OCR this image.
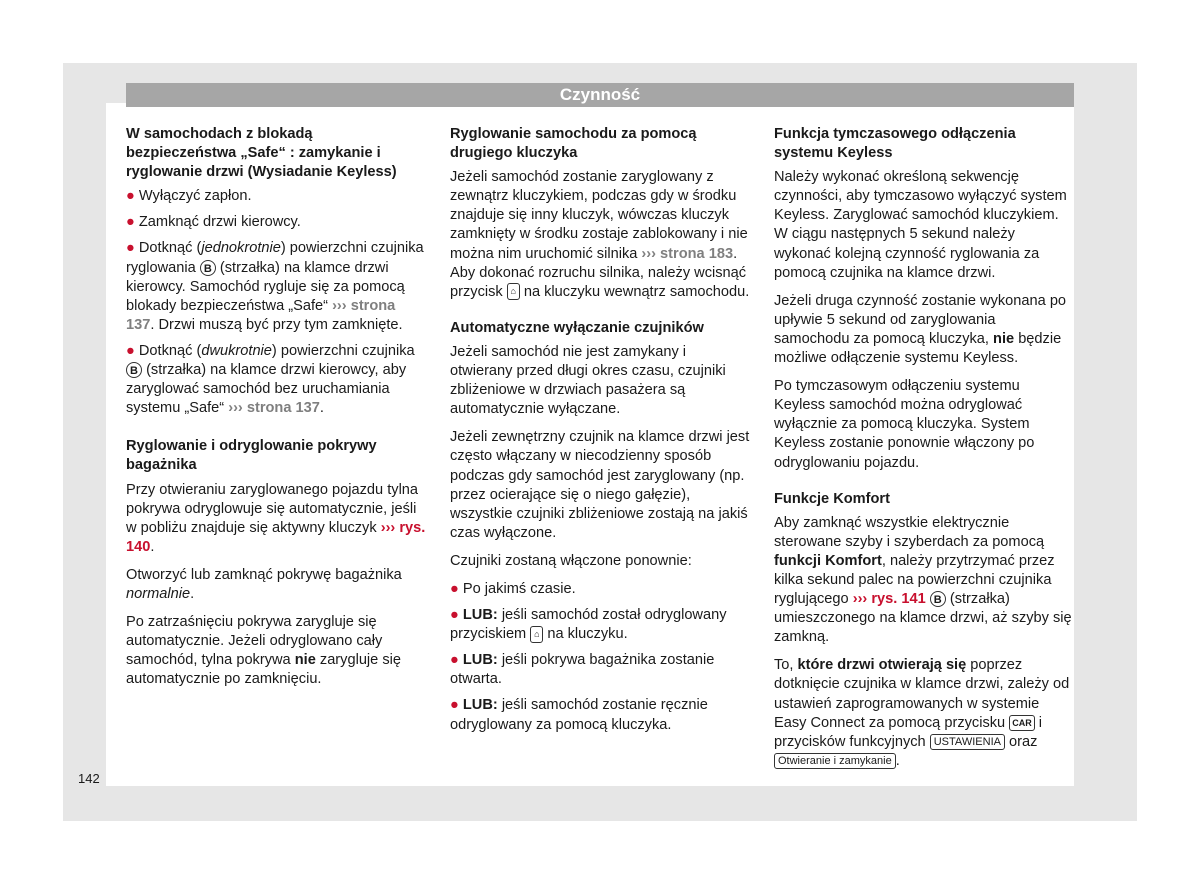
Czynność
W samochodach z blokadą bezpieczeństwa „Safe“ : zamykanie i ryglowanie drzwi (Wysiadanie Keyless)
● Wyłączyć zapłon.
● Zamknąć drzwi kierowcy.
● Dotknąć (jednokrotnie) powierzchni czujnika ryglowania B (strzałka) na klamce drzwi kierowcy. Samochód rygluje się za pomocą blokady bezpieczeństwa „Safe“ ››› strona 137. Drzwi muszą być przy tym zamknięte.
● Dotknąć (dwukrotnie) powierzchni czujnika B (strzałka) na klamce drzwi kierowcy, aby zaryglować samochód bez uruchamiania systemu „Safe“ ››› strona 137.
Ryglowanie i odryglowanie pokrywy bagażnika
Przy otwieraniu zaryglowanego pojazdu tylna pokrywa odryglowuje się automatycznie, jeśli w pobliżu znajduje się aktywny kluczyk ››› rys. 140.
Otworzyć lub zamknąć pokrywę bagażnika normalnie.
Po zatrzaśnięciu pokrywa zarygluje się automatycznie. Jeżeli odryglowano cały samochód, tylna pokrywa nie zarygluje się automatycznie po zamknięciu.
Ryglowanie samochodu za pomocą drugiego kluczyka
Jeżeli samochód zostanie zaryglowany z zewnątrz kluczykiem, podczas gdy w środku znajduje się inny kluczyk, wówczas kluczyk zamknięty w środku zostaje zablokowany i nie można nim uruchomić silnika ››› strona 183. Aby dokonać rozruchu silnika, należy wcisnąć przycisk ⌂ na kluczyku wewnątrz samochodu.
Automatyczne wyłączanie czujników
Jeżeli samochód nie jest zamykany i otwierany przed długi okres czasu, czujniki zbliżeniowe w drzwiach pasażera są automatycznie wyłączane.
Jeżeli zewnętrzny czujnik na klamce drzwi jest często włączany w niecodzienny sposób podczas gdy samochód jest zaryglowany (np. przez ocierające się o niego gałęzie), wszystkie czujniki zbliżeniowe zostają na jakiś czas wyłączone.
Czujniki zostaną włączone ponownie:
● Po jakimś czasie.
● LUB: jeśli samochód został odryglowany przyciskiem ⌂ na kluczyku.
● LUB: jeśli pokrywa bagażnika zostanie otwarta.
● LUB: jeśli samochód zostanie ręcznie odryglowany za pomocą kluczyka.
Funkcja tymczasowego odłączenia systemu Keyless
Należy wykonać określoną sekwencję czynności, aby tymczasowo wyłączyć system Keyless. Zaryglować samochód kluczykiem. W ciągu następnych 5 sekund należy wykonać kolejną czynność ryglowania za pomocą czujnika na klamce drzwi.
Jeżeli druga czynność zostanie wykonana po upływie 5 sekund od zaryglowania samochodu za pomocą kluczyka, nie będzie możliwe odłączenie systemu Keyless.
Po tymczasowym odłączeniu systemu Keyless samochód można odryglować wyłącznie za pomocą kluczyka. System Keyless zostanie ponownie włączony po odryglowaniu pojazdu.
Funkcje Komfort
Aby zamknąć wszystkie elektrycznie sterowane szyby i szyberdach za pomocą funkcji Komfort, należy przytrzymać przez kilka sekund palec na powierzchni czujnika ryglującego ››› rys. 141 B (strzałka) umieszczonego na klamce drzwi, aż szyby się zamkną.
To, które drzwi otwierają się poprzez dotknięcie czujnika w klamce drzwi, zależy od ustawień zaprogramowanych w systemie Easy Connect za pomocą przycisku CAR i przycisków funkcyjnych USTAWIENIA oraz Otwieranie i zamykanie .
142
